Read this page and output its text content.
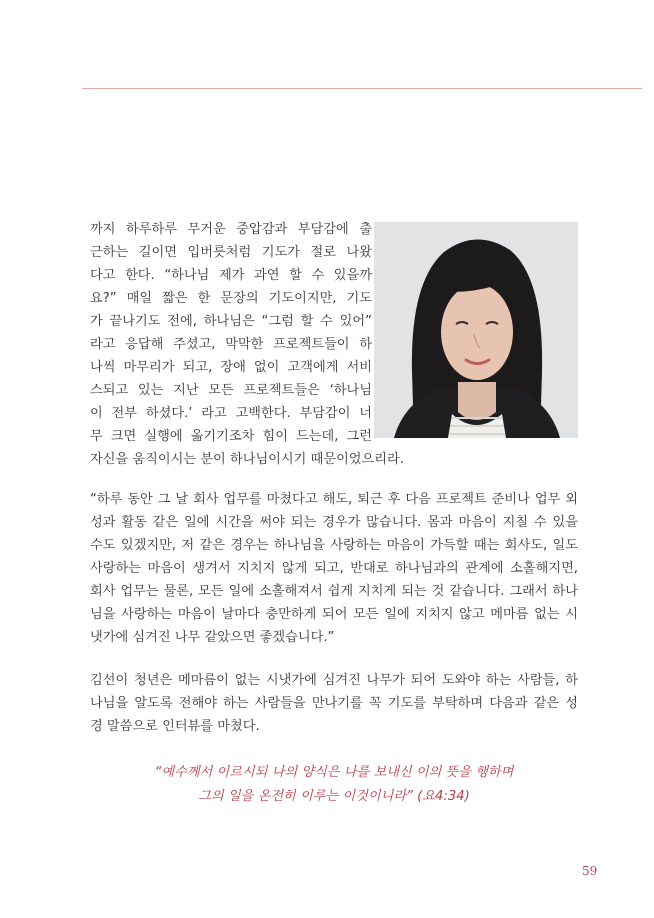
까지 하루하루 무거운 중압감과 부담감에 출
근하는 길이면 입버릇처럼 기도가 절로 나왔
다고 한다. “하나님 제가 과연 할 수 있을까
요?” 매일 짧은 한 문장의 기도이지만, 기도
가 끝나기도 전에, 하나님은 “그럼 할 수 있어”
라고 응답해 주셨고, 막막한 프로젝트들이 하
나씩 마무리가 되고, 장애 없이 고객에게 서비
스되고 있는 지난 모든 프로젝트들은 ‘하나님
이 전부 하셨다.’ 라고 고백한다. 부담감이 너
무 크면 실행에 옮기기조차 힘이 드는데, 그런
자신을 움직이시는 분이 하나님이시기 때문이었으리라.
“하루 동안 그 날 회사 업무를 마쳤다고 해도, 퇴근 후 다음 프로젝트 준비나 업무 외
성과 활동 같은 일에 시간을 써야 되는 경우가 많습니다. 몸과 마음이 지칠 수 있을
수도 있겠지만, 저 같은 경우는 하나님을 사랑하는 마음이 가득할 때는 회사도, 일도
사랑하는 마음이 생겨서 지치지 않게 되고, 반대로 하나님과의 관계에 소홀해지면,
회사 업무는 물론, 모든 일에 소홀해져서 쉽게 지치게 되는 것 같습니다. 그래서 하나
님을 사랑하는 마음이 날마다 충만하게 되어 모든 일에 지치지 않고 메마름 없는 시
냇가에 심겨진 나무 같았으면 좋겠습니다.”
김선이 청년은 메마름이 없는 시냇가에 심겨진 나무가 되어 도와야 하는 사람들, 하
나님을 알도록 전해야 하는 사람들을 만나기를 꼭 기도를 부탁하며 다음과 같은 성
경 말씀으로 인터뷰를 마쳤다.
“예수께서 이르시되 나의 양식은 나를 보내신 이의 뜻을 행하며
그의 일을 온전히 이루는 이것이니라” (요4:34)
59
